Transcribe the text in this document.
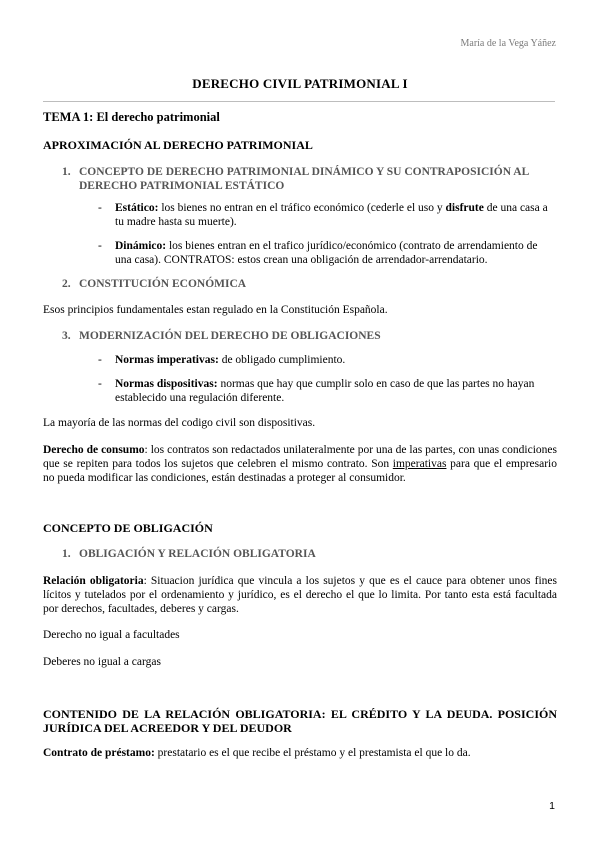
María de la Vega Yáñez
DERECHO CIVIL PATRIMONIAL I
TEMA 1: El derecho patrimonial
APROXIMACIÓN AL DERECHO PATRIMONIAL
1. CONCEPTO DE DERECHO PATRIMONIAL DINÁMICO Y SU CONTRAPOSICIÓN AL DERECHO PATRIMONIAL ESTÁTICO
-	Estático: los bienes no entran en el tráfico económico (cederle el uso y disfrute de una casa a tu madre hasta su muerte).
-	Dinámico: los bienes entran en el trafico jurídico/económico (contrato de arrendamiento de una casa). CONTRATOS: estos crean una obligación de arrendador-arrendatario.
2. CONSTITUCIÓN ECONÓMICA
Esos principios fundamentales estan regulado en la Constitución Española.
3. MODERNIZACIÓN DEL DERECHO DE OBLIGACIONES
-	Normas imperativas: de obligado cumplimiento.
-	Normas dispositivas: normas que hay que cumplir solo en caso de que las partes no hayan establecido una regulación diferente.
La mayoría de las normas del codigo civil son dispositivas.
Derecho de consumo: los contratos son redactados unilateralmente por una de las partes, con unas condiciones que se repiten para todos los sujetos que celebren el mismo contrato. Son imperativas para que el empresario no pueda modificar las condiciones, están destinadas a proteger al consumidor.
CONCEPTO DE OBLIGACIÓN
1. OBLIGACIÓN Y RELACIÓN OBLIGATORIA
Relación obligatoria: Situacion jurídica que vincula a los sujetos y que es el cauce para obtener unos fines lícitos y tutelados por el ordenamiento y jurídico, es el derecho el que lo limita. Por tanto esta está facultada por derechos, facultades, deberes y cargas.
Derecho no igual a facultades
Deberes no igual a cargas
CONTENIDO DE LA RELACIÓN OBLIGATORIA: EL CRÉDITO Y LA DEUDA. POSICIÓN JURÍDICA DEL ACREEDOR Y DEL DEUDOR
Contrato de préstamo: prestatario es el que recibe el préstamo y el prestamista el que lo da.
1
